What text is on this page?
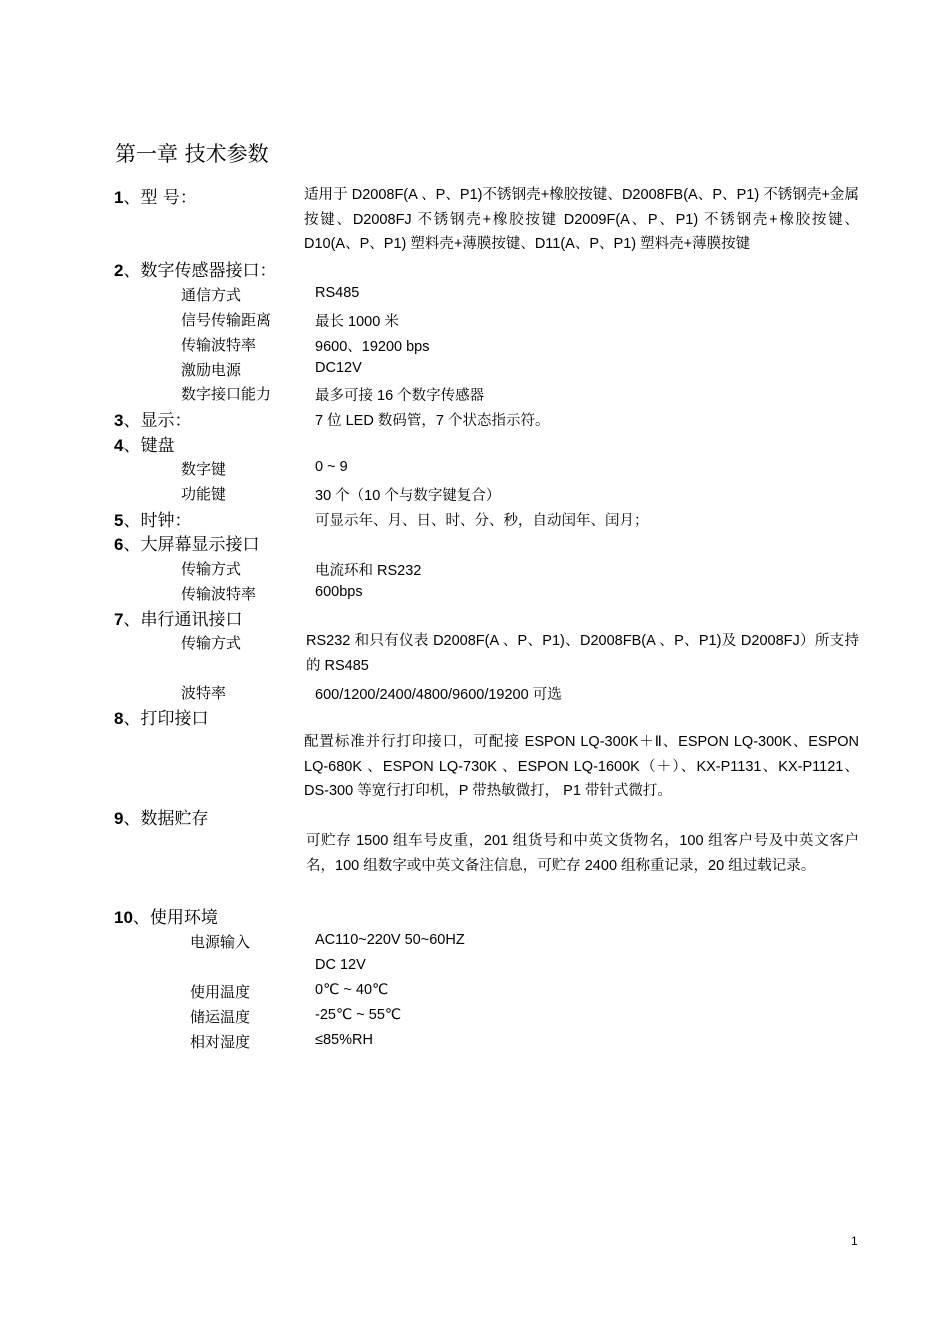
第一章 技术参数
1、型 号：	适用于 D2008F(A 、P、P1)不锈钢壳+橡胶按键、D2008FB(A、P、P1) 不锈钢壳+金属按键、D2008FJ 不锈钢壳+橡胶按键 D2009F(A、P、P1) 不锈钢壳+橡胶按键、 D10(A、P、P1) 塑料壳+薄膜按键、D11(A、P、P1) 塑料壳+薄膜按键
2、数字传感器接口：
通信方式	RS485
信号传输距离	最长 1000 米
传输波特率	9600、19200 bps
激励电源	DC12V
数字接口能力	最多可接 16 个数字传感器
3、显示：	7 位 LED 数码管，7 个状态指示符。
4、键盘
数字键	0 ~ 9
功能键	30 个（10 个与数字键复合）
5、时钟：	可显示年、月、日、时、分、秒，自动闰年、闰月；
6、大屏幕显示接口
传输方式	电流环和 RS232
传输波特率	600bps
7、串行通讯接口
传输方式	RS232 和只有仪表 D2008F(A 、P、P1)、D2008FB(A 、P、P1)及 D2008FJ）所支持的 RS485
波特率	600/1200/2400/4800/9600/19200 可选
8、打印接口
配置标准并行打印接口，可配接 ESPON LQ-300K＋Ⅱ、ESPON LQ-300K、ESPON LQ-680K 、ESPON LQ-730K 、ESPON LQ-1600K（＋）、KX-P1131、KX-P1121、DS-300 等宽行打印机，P 带热敏微打， P1 带针式微打。
9、数据贮存
可贮存 1500 组车号皮重，201 组货号和中英文货物名，100 组客户号及中英文客户名，100 组数字或中英文备注信息，可贮存 2400 组称重记录，20 组过载记录。
10、使用环境
电源输入	AC110~220V 50~60HZ
DC 12V
使用温度	0℃ ~ 40℃
储运温度	-25℃ ~ 55℃
相对湿度	≤85%RH
1
